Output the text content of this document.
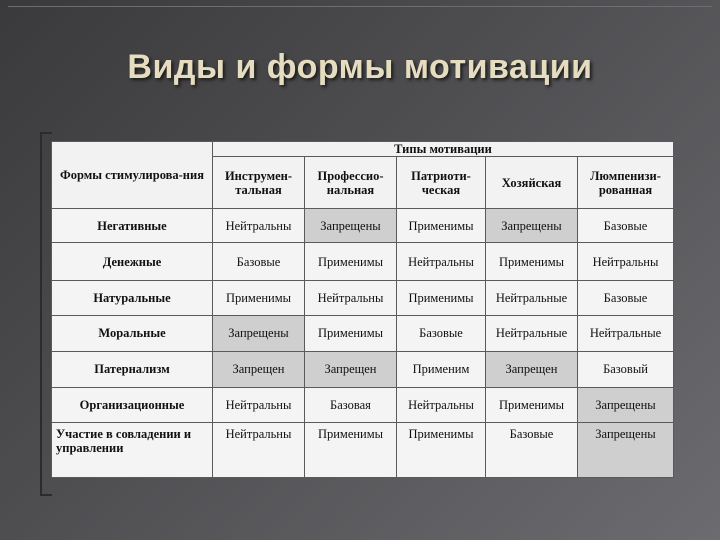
Виды и формы мотивации
Формы стимулирова-ния	Типы мотивации				
	Инструмен-тальная	Профессио-нальная	Патриоти-ческая	Хозяйская	Люмпенизи-рованная
Негативные	Нейтральны	Запрещены	Применимы	Запрещены	Базовые
Денежные	Базовые	Применимы	Нейтральны	Применимы	Нейтральны
Натуральные	Применимы	Нейтральны	Применимы	Нейтральные	Базовые
Моральные	Запрещены	Применимы	Базовые	Нейтральные	Нейтральные
Патернализм	Запрещен	Запрещен	Применим	Запрещен	Базовый
Организационные	Нейтральны	Базовая	Нейтральны	Применимы	Запрещены
Участие в совладении и управлении	Нейтральны	Применимы	Применимы	Базовые	Запрещены
